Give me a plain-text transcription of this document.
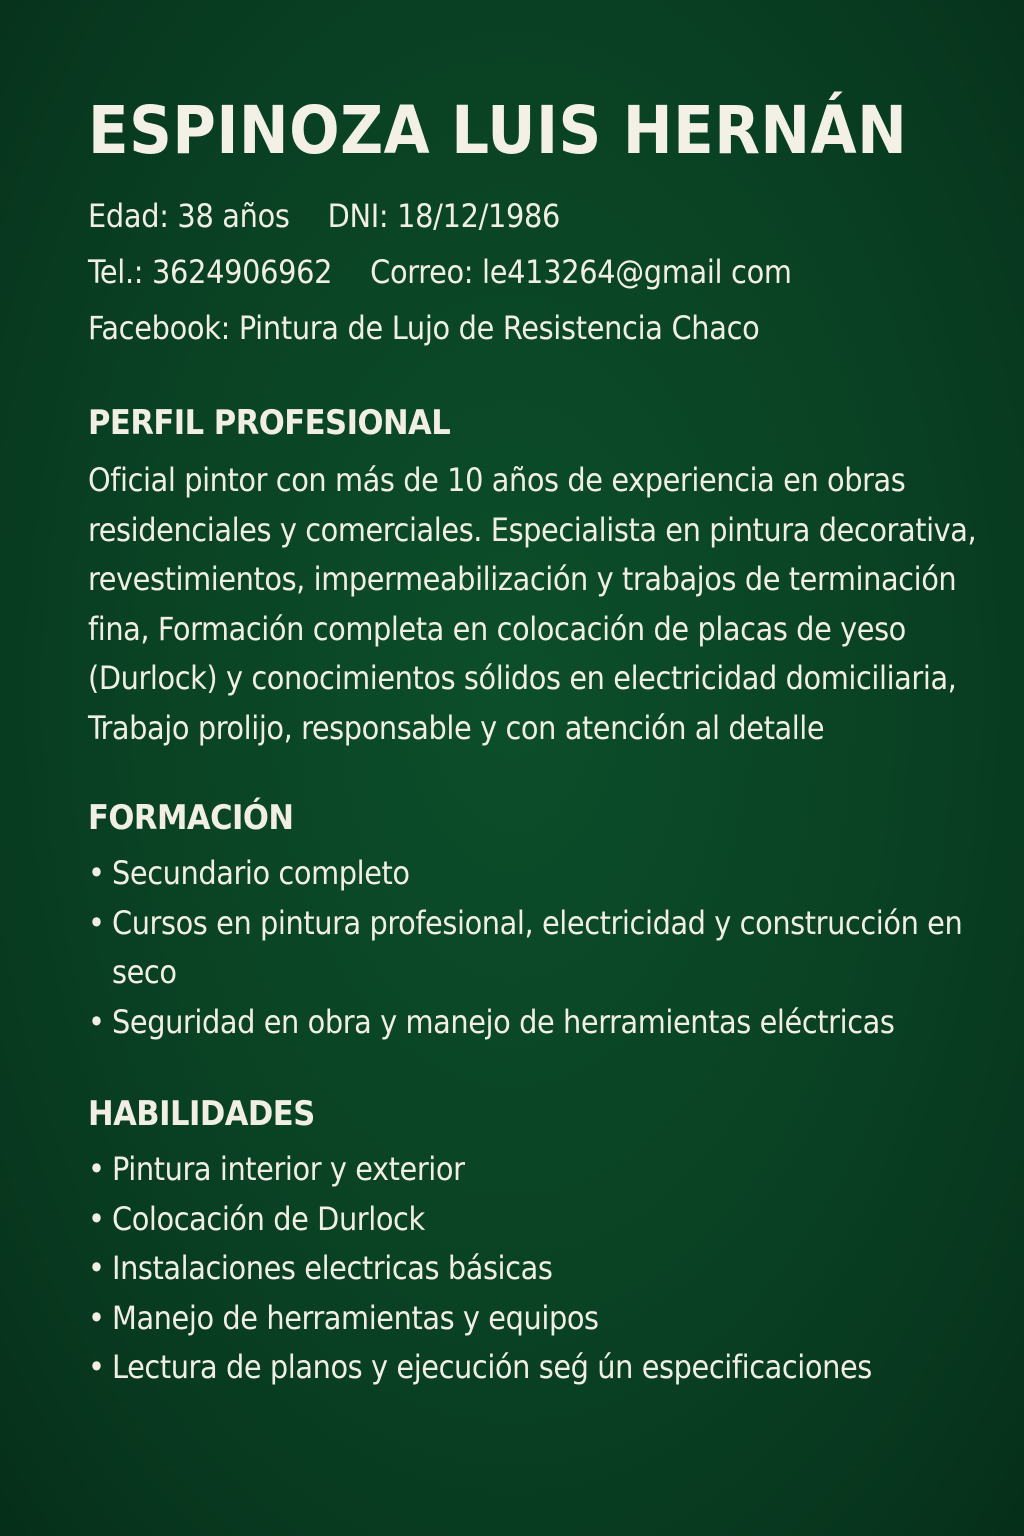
ESPINOZA LUIS HERNÁN
Edad: 38 años DNI: 18/12/1986
Tel.: 3624906962 Correo: le413264@gmail com
Facebook: Pintura de Lujo de Resistencia Chaco
PERFIL PROFESIONAL
Oficial pintor con más de 10 años de experiencia en obras residenciales y comerciales. Especialista en pintura decorativa, revestimientos, impermeabilización y trabajos de terminación fina, Formación completa en colocación de placas de yeso (Durlock) y conocimientos sólidos en electricidad domiciliaria, Trabajo prolijo, responsable y con atención al detalle
FORMACIÓN
• Secundario completo
• Cursos en pintura profesional, electricidad y construcción en seco
• Seguridad en obra y manejo de herramientas eléctricas
HABILIDADES
• Pintura interior y exterior
• Colocación de Durlock
• Instalaciones electricas básicas
• Manejo de herramientas y equipos
• Lectura de planos y ejecución seǵ ún especificaciones
